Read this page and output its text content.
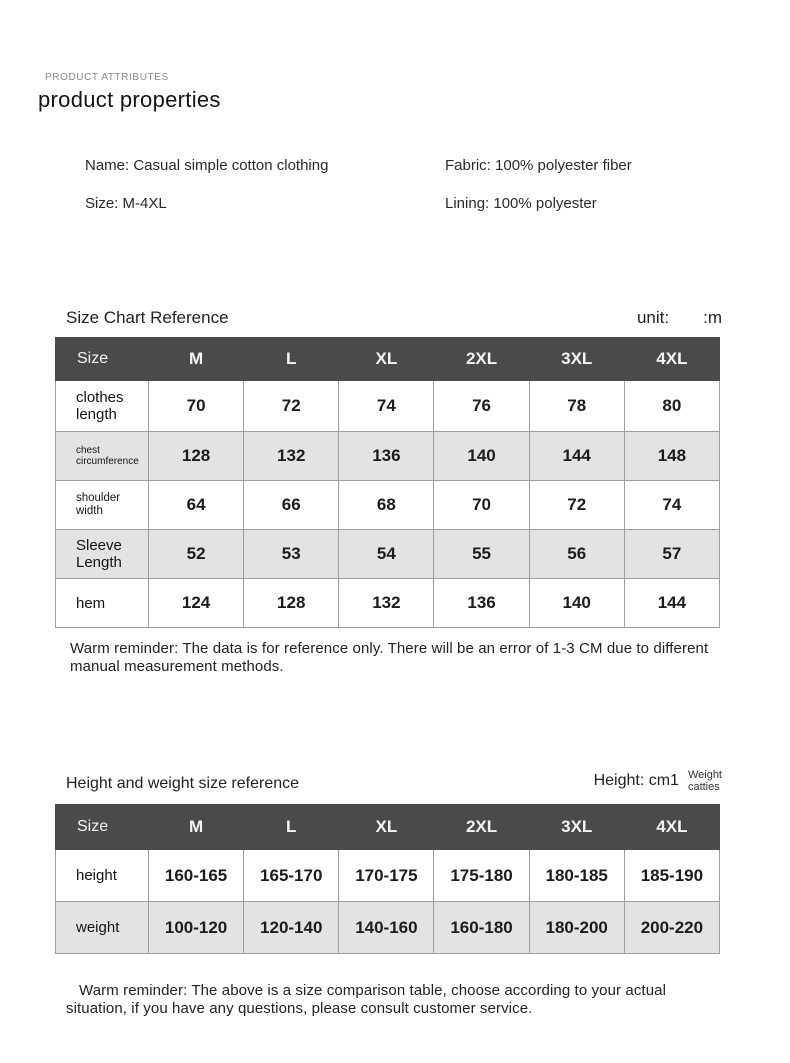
PRODUCT ATTRIBUTES
product properties
Name: Casual simple cotton clothing	Fabric: 100% polyester fiber
Size: M-4XL	Lining: 100% polyester
Size Chart Reference	unit: :m
Size	M	L	XL	2XL	3XL	4XL
clothes length	70	72	74	76	78	80
chest circumference	128	132	136	140	144	148
shoulder width	64	66	68	70	72	74
Sleeve Length	52	53	54	55	56	57
hem	124	128	132	136	140	144
Warm reminder: The data is for reference only. There will be an error of 1-3 CM due to different manual measurement methods.
Height and weight size reference	Height: cm1 Weight
catties
Size	M	L	XL	2XL	3XL	4XL
height	160-165	165-170	170-175	175-180	180-185	185-190
weight	100-120	120-140	140-160	160-180	180-200	200-220
Warm reminder: The above is a size comparison table, choose according to your actual situation, if you have any questions, please consult customer service.
